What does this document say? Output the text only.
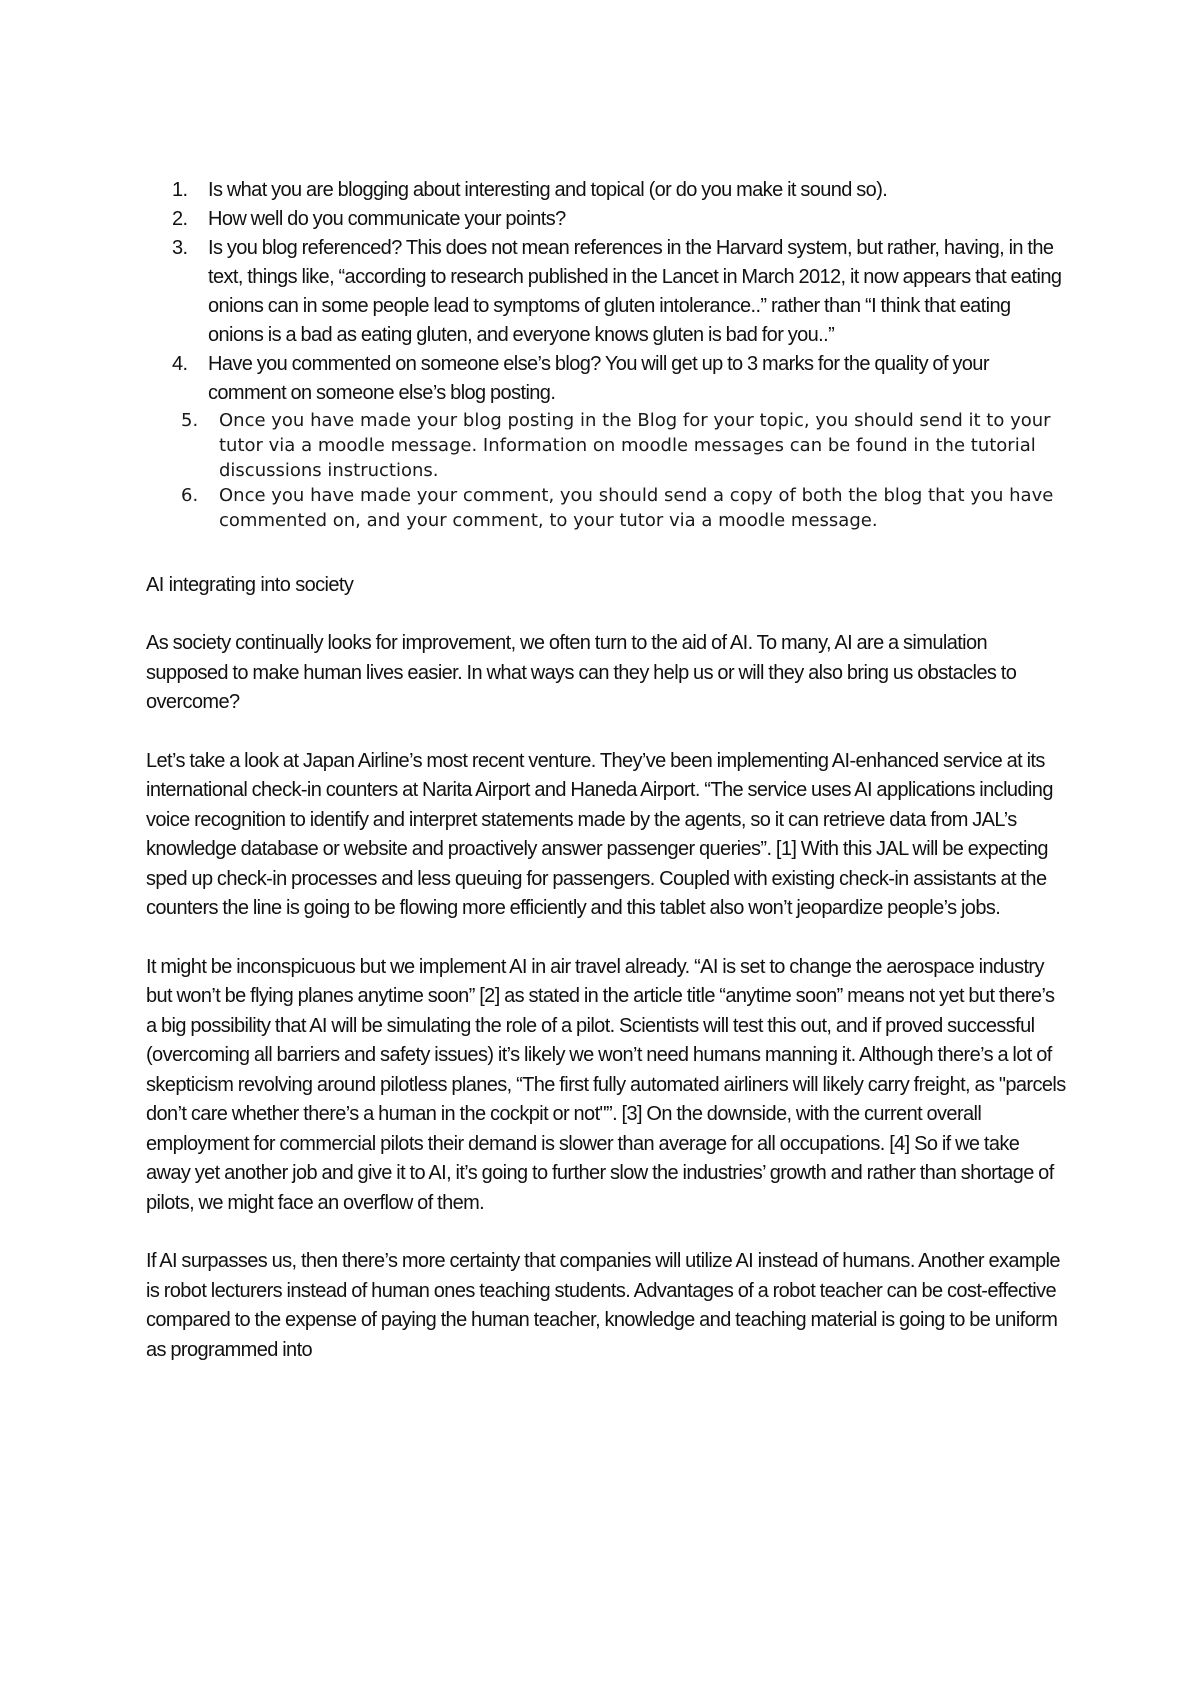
1. Is what you are blogging about interesting and topical (or do you make it sound so).
2. How well do you communicate your points?
3. Is you blog referenced? This does not mean references in the Harvard system, but rather, having, in the text, things like, “according to research published in the Lancet in March 2012, it now appears that eating onions can in some people lead to symptoms of gluten intolerance..” rather than “I think that eating onions is a bad as eating gluten, and everyone knows gluten is bad for you..”
4. Have you commented on someone else’s blog? You will get up to 3 marks for the quality of your comment on someone else’s blog posting.
5. Once you have made your blog posting in the Blog for your topic, you should send it to your tutor via a moodle message. Information on moodle messages can be found in the tutorial discussions instructions.
6. Once you have made your comment, you should send a copy of both the blog that you have commented on, and your comment, to your tutor via a moodle message.

AI integrating into society

As society continually looks for improvement, we often turn to the aid of AI. To many, AI are a simulation supposed to make human lives easier. In what ways can they help us or will they also bring us obstacles to overcome?

Let’s take a look at Japan Airline’s most recent venture. They’ve been implementing AI-enhanced service at its international check-in counters at Narita Airport and Haneda Airport. “The service uses AI applications including voice recognition to identify and interpret statements made by the agents, so it can retrieve data from JAL’s knowledge database or website and proactively answer passenger queries”. [1] With this JAL will be expecting sped up check-in processes and less queuing for passengers. Coupled with existing check-in assistants at the counters the line is going to be flowing more efficiently and this tablet also won’t jeopardize people’s jobs.

It might be inconspicuous but we implement AI in air travel already. “AI is set to change the aerospace industry but won’t be flying planes anytime soon” [2] as stated in the article title “anytime soon” means not yet but there’s a big possibility that AI will be simulating the role of a pilot. Scientists will test this out, and if proved successful (overcoming all barriers and safety issues) it’s likely we won’t need humans manning it. Although there’s a lot of skepticism revolving around pilotless planes, “The first fully automated airliners will likely carry freight, as "parcels don’t care whether there’s a human in the cockpit or not"”. [3] On the downside, with the current overall employment for commercial pilots their demand is slower than average for all occupations. [4] So if we take away yet another job and give it to AI, it’s going to further slow the industries’ growth and rather than shortage of pilots, we might face an overflow of them.

If AI surpasses us, then there’s more certainty that companies will utilize AI instead of humans. Another example is robot lecturers instead of human ones teaching students. Advantages of a robot teacher can be cost-effective compared to the expense of paying the human teacher, knowledge and teaching material is going to be uniform as programmed into
